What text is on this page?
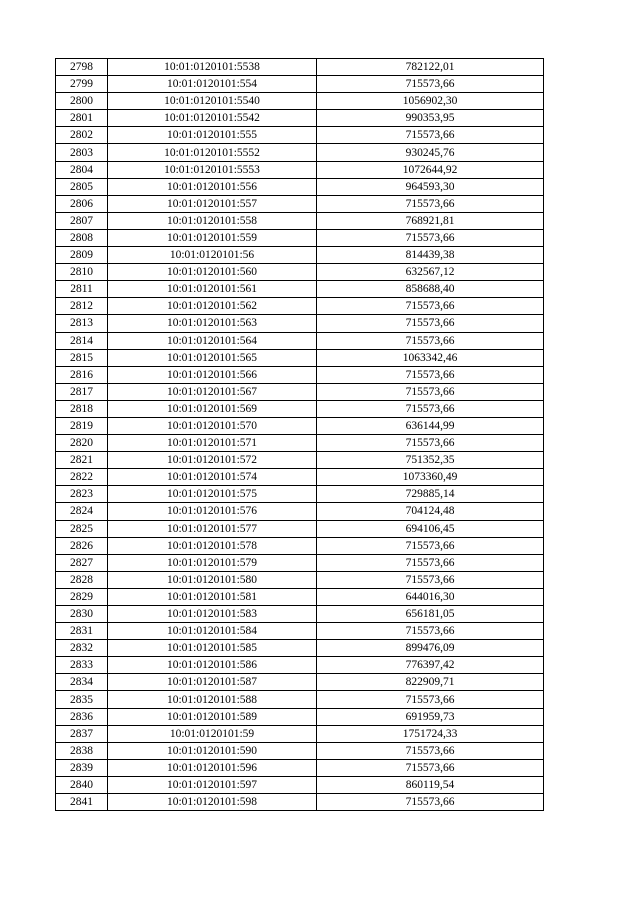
2798	10:01:0120101:5538	782122,01
2799	10:01:0120101:554	715573,66
2800	10:01:0120101:5540	1056902,30
2801	10:01:0120101:5542	990353,95
2802	10:01:0120101:555	715573,66
2803	10:01:0120101:5552	930245,76
2804	10:01:0120101:5553	1072644,92
2805	10:01:0120101:556	964593,30
2806	10:01:0120101:557	715573,66
2807	10:01:0120101:558	768921,81
2808	10:01:0120101:559	715573,66
2809	10:01:0120101:56	814439,38
2810	10:01:0120101:560	632567,12
2811	10:01:0120101:561	858688,40
2812	10:01:0120101:562	715573,66
2813	10:01:0120101:563	715573,66
2814	10:01:0120101:564	715573,66
2815	10:01:0120101:565	1063342,46
2816	10:01:0120101:566	715573,66
2817	10:01:0120101:567	715573,66
2818	10:01:0120101:569	715573,66
2819	10:01:0120101:570	636144,99
2820	10:01:0120101:571	715573,66
2821	10:01:0120101:572	751352,35
2822	10:01:0120101:574	1073360,49
2823	10:01:0120101:575	729885,14
2824	10:01:0120101:576	704124,48
2825	10:01:0120101:577	694106,45
2826	10:01:0120101:578	715573,66
2827	10:01:0120101:579	715573,66
2828	10:01:0120101:580	715573,66
2829	10:01:0120101:581	644016,30
2830	10:01:0120101:583	656181,05
2831	10:01:0120101:584	715573,66
2832	10:01:0120101:585	899476,09
2833	10:01:0120101:586	776397,42
2834	10:01:0120101:587	822909,71
2835	10:01:0120101:588	715573,66
2836	10:01:0120101:589	691959,73
2837	10:01:0120101:59	1751724,33
2838	10:01:0120101:590	715573,66
2839	10:01:0120101:596	715573,66
2840	10:01:0120101:597	860119,54
2841	10:01:0120101:598	715573,66
